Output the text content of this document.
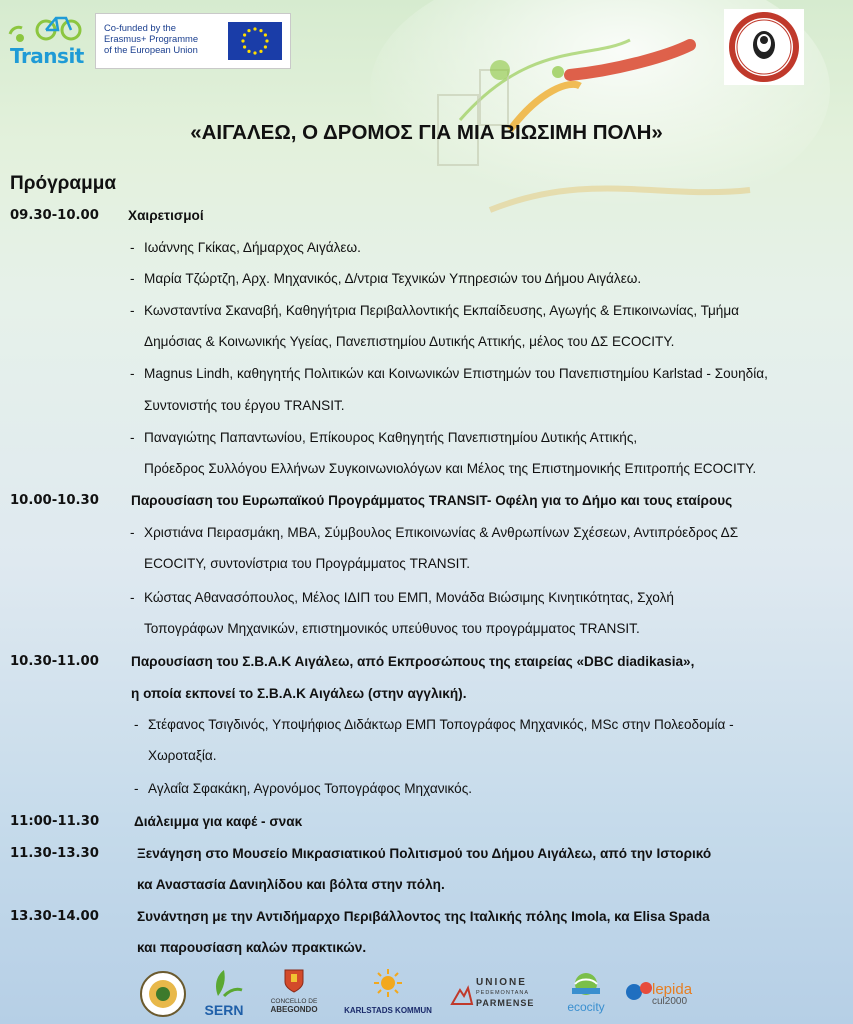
Transit
Co-funded by the
Erasmus+ Programme
of the European Union
«ΑΙΓΑΛΕΩ, Ο ΔΡΟΜΟΣ ΓΙΑ ΜΙΑ ΒΙΩΣΙΜΗ ΠΟΛΗ»
Πρόγραμμα
09.30-10.00 Χαιρετισμοί
- Ιωάννης Γκίκας, Δήμαρχος Αιγάλεω.
- Μαρία Τζώρτζη, Αρχ. Μηχανικός, Δ/ντρια Τεχνικών Υπηρεσιών του Δήμου Αιγάλεω.
- Κωνσταντίνα Σκαναβή, Καθηγήτρια Περιβαλλοντικής Εκπαίδευσης, Αγωγής & Επικοινωνίας, Τμήμα
Δημόσιας & Κοινωνικής Υγείας, Πανεπιστημίου Δυτικής Αττικής, μέλος του ΔΣ ECOCITY.
- Magnus Lindh, καθηγητής Πολιτικών και Κοινωνικών Επιστημών του Πανεπιστημίου Karlstad - Σουηδία,
Συντονιστής του έργου TRANSIT.
- Παναγιώτης Παπαντωνίου, Επίκουρος Καθηγητής Πανεπιστημίου Δυτικής Αττικής,
Πρόεδρος Συλλόγου Ελλήνων Συγκοινωνιολόγων και Μέλος της Επιστημονικής Επιτροπής ECOCITY.
10.00-10.30 Παρουσίαση του Ευρωπαϊκού Προγράμματος TRANSIT- Οφέλη για το Δήμο και τους εταίρους
- Χριστιάνα Πειρασμάκη, MBA, Σύμβουλος Επικοινωνίας & Ανθρωπίνων Σχέσεων, Αντιπρόεδρος ΔΣ
ECOCITY, συντονίστρια του Προγράμματος TRANSIT.
- Κώστας Αθανασόπουλος, Μέλος ΙΔΙΠ του ΕΜΠ, Μονάδα Βιώσιμης Κινητικότητας, Σχολή
Τοπογράφων Μηχανικών, επιστημονικός υπεύθυνος του προγράμματος TRANSIT.
10.30-11.00 Παρουσίαση του Σ.Β.Α.Κ Αιγάλεω, από Εκπροσώπους της εταιρείας «DBC diadikasia»,
η οποία εκπονεί το Σ.Β.Α.Κ Αιγάλεω (στην αγγλική).
- Στέφανος Τσιγδινός, Υποψήφιος Διδάκτωρ ΕΜΠ Τοπογράφος Μηχανικός, MSc στην Πολεοδομία -
Χωροταξία.
- Αγλαΐα Σφακάκη, Αγρονόμος Τοπογράφος Μηχανικός.
11:00-11.30	Διάλειμμα για καφέ - σνακ
11.30-13.30	Ξενάγηση στο Μουσείο Μικρασιατικού Πολιτισμού του Δήμου Αιγάλεω, από την Ιστορικό
κα Αναστασία Δανιηλίδου και βόλτα στην πόλη.
13.30-14.00	Συνάντηση με την Αντιδήμαρχο Περιβάλλοντος της Ιταλικής πόλης Imola, κα Elisa Spada
και παρουσίαση καλών πρακτικών.
SERN
CONCELLO DE
ABEGONDO	KARLSTADS KOMMUN
UNIONE
PEDEMONTANA
PARMENSE	ecocity
lepida
cul2000
